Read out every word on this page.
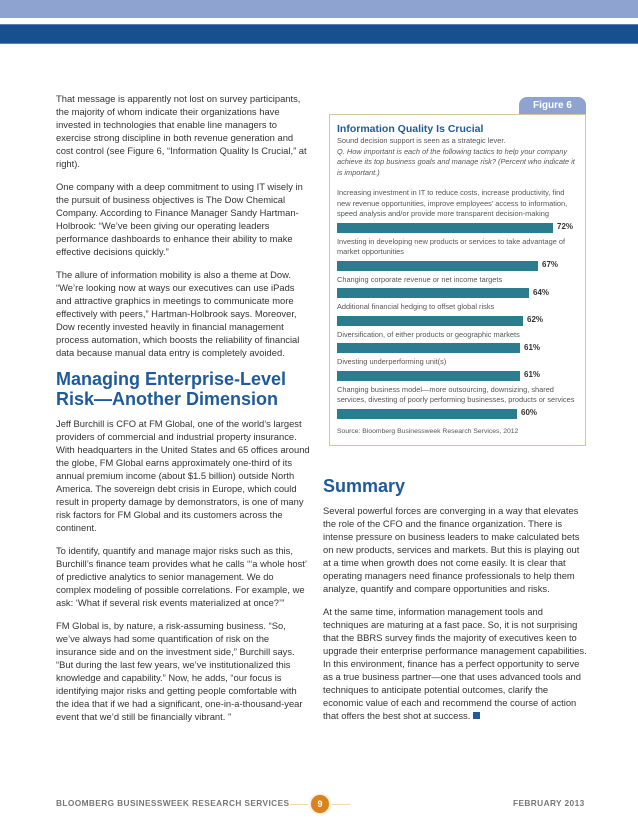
That message is apparently not lost on survey participants, the majority of whom indicate their organizations have invested in technologies that enable line managers to exercise strong discipline in both revenue generation and cost control (see Figure 6, “Information Quality Is Crucial,” at right).

One company with a deep commitment to using IT wisely in the pursuit of business objectives is The Dow Chemical Company. According to Finance Manager Sandy Hartman-Holbrook: “We’ve been giving our operating leaders performance dashboards to enhance their ability to make effective decisions quickly.”

The allure of information mobility is also a theme at Dow. “We’re looking now at ways our executives can use iPads and attractive graphics in meetings to communicate more effectively with peers,” Hartman-Holbrook says. Moreover, Dow recently invested heavily in financial management process automation, which boosts the reliability of financial data because manual data entry is completely avoided.

Managing Enterprise-Level Risk—Another Dimension

Jeff Burchill is CFO at FM Global, one of the world’s largest providers of commercial and industrial property insurance. With headquarters in the United States and 65 offices around the globe, FM Global earns approximately one-third of its annual premium income (about $1.5 billion) outside North America. The sovereign debt crisis in Europe, which could result in property damage by demonstrators, is one of many risk factors for FM Global and its customers across the continent.

To identify, quantify and manage major risks such as this, Burchill’s finance team provides what he calls “‘a whole host’ of predictive analytics to senior management. We do complex modeling of possible correlations. For example, we ask: ‘What if several risk events materialized at once?’”

FM Global is, by nature, a risk-assuming business. “So, we’ve always had some quantification of risk on the insurance side and on the investment side,” Burchill says. “But during the last few years, we’ve institutionalized this knowledge and capability.” Now, he adds, “our focus is identifying major risks and getting people comfortable with the idea that if we had a significant, one-in-a-thousand-year event that we’d still be financially vibrant. ”

Figure 6
Information Quality Is Crucial
Sound decision support is seen as a strategic lever.
Q. How important is each of the following tactics to help your company achieve its top business goals and manage risk? (Percent who indicate it is important.)
Increasing investment in IT to reduce costs, increase productivity, find new revenue opportunities, improve employees’ access to information, speed analysis and/or provide more transparent decision-making
72%
Investing in developing new products or services to take advantage of market opportunities
67%
Changing corporate revenue or net income targets
64%
Additional financial hedging to offset global risks
62%
Diversification, of either products or geographic markets
61%
Divesting underperforming unit(s)
61%
Changing business model—more outsourcing, downsizing, shared services, divesting of poorly performing businesses, products or services
60%
Source: Bloomberg Businessweek Research Services, 2012
Summary

Several powerful forces are converging in a way that elevates the role of the CFO and the finance organization. There is intense pressure on business leaders to make calculated bets on new products, services and markets. But this is playing out at a time when growth does not come easily. It is clear that operating managers need finance professionals to help them analyze, quantify and compare opportunities and risks.

At the same time, information management tools and techniques are maturing at a fast pace. So, it is not surprising that the BBRS survey finds the majority of executives keen to upgrade their enterprise performance management capabilities. In this environment, finance has a perfect opportunity to serve as a true business partner—one that uses advanced tools and techniques to anticipate potential outcomes, clarify the economic value of each and recommend the course of action that offers the best shot at success.

BLOOMBERG BUSINESSWEEK RESEARCH SERVICES	9	FEBRUARY 2013
